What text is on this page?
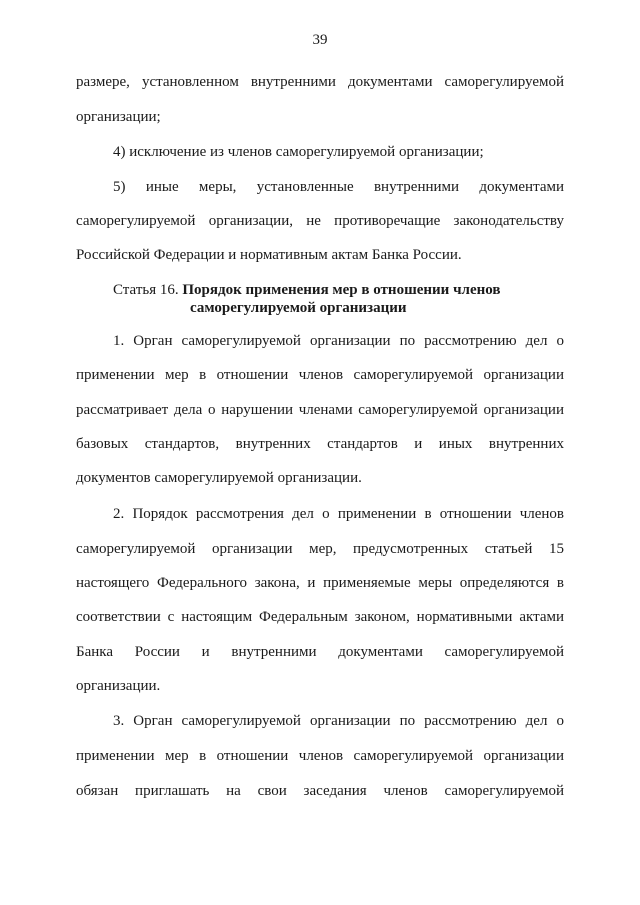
39
размере, установленном внутренними документами саморегулируемой
организации;
4) исключение из членов саморегулируемой организации;
5) иные меры, установленные внутренними документами
саморегулируемой организации, не противоречащие законодательству
Российской Федерации и нормативным актам Банка России.
Статья 16. Порядок применения мер в отношении членов
саморегулируемой организации
1. Орган саморегулируемой организации по рассмотрению дел о
применении мер в отношении членов саморегулируемой организации
рассматривает дела о нарушении членами саморегулируемой организации
базовых стандартов, внутренних стандартов и иных внутренних
документов саморегулируемой организации.
2. Порядок рассмотрения дел о применении в отношении членов
саморегулируемой организации мер, предусмотренных статьей 15
настоящего Федерального закона, и применяемые меры определяются в
соответствии с настоящим Федеральным законом, нормативными актами
Банка России и внутренними документами саморегулируемой
организации.
3. Орган саморегулируемой организации по рассмотрению дел о
применении мер в отношении членов саморегулируемой организации
обязан приглашать на свои заседания членов саморегулируемой
